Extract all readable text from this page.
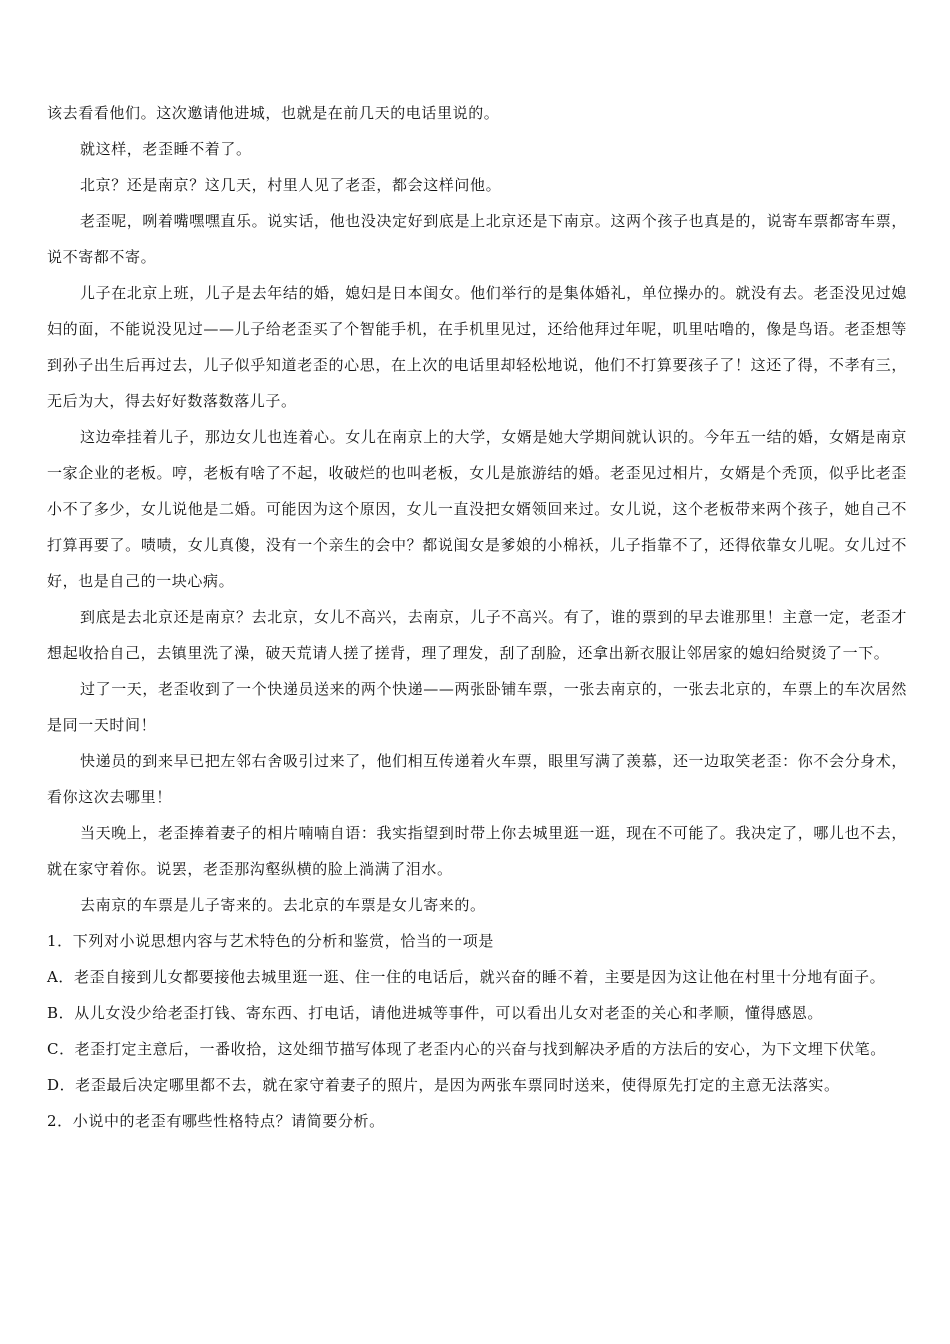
该去看看他们。这次邀请他进城，也就是在前几天的电话里说的。

就这样，老歪睡不着了。

北京？还是南京？这几天，村里人见了老歪，都会这样问他。

老歪呢，咧着嘴嘿嘿直乐。说实话，他也没决定好到底是上北京还是下南京。这两个孩子也真是的，说寄车票都寄车票，说不寄都不寄。

儿子在北京上班，儿子是去年结的婚，媳妇是日本闺女。他们举行的是集体婚礼，单位操办的。就没有去。老歪没见过媳妇的面，不能说没见过——儿子给老歪买了个智能手机，在手机里见过，还给他拜过年呢，叽里咕噜的，像是鸟语。老歪想等到孙子出生后再过去，儿子似乎知道老歪的心思，在上次的电话里却轻松地说，他们不打算要孩子了！这还了得，不孝有三，无后为大，得去好好数落数落儿子。

这边牵挂着儿子，那边女儿也连着心。女儿在南京上的大学，女婿是她大学期间就认识的。今年五一结的婚，女婿是南京一家企业的老板。哼，老板有啥了不起，收破烂的也叫老板，女儿是旅游结的婚。老歪见过相片，女婿是个秃顶，似乎比老歪小不了多少，女儿说他是二婚。可能因为这个原因，女儿一直没把女婿领回来过。女儿说，这个老板带来两个孩子，她自己不打算再要了。啧啧，女儿真傻，没有一个亲生的会中？都说闺女是爹娘的小棉袄，儿子指靠不了，还得依靠女儿呢。女儿过不好，也是自己的一块心病。

到底是去北京还是南京？去北京，女儿不高兴，去南京，儿子不高兴。有了，谁的票到的早去谁那里！主意一定，老歪才想起收拾自己，去镇里洗了澡，破天荒请人搓了搓背，理了理发，刮了刮脸，还拿出新衣服让邻居家的媳妇给熨烫了一下。

过了一天，老歪收到了一个快递员送来的两个快递——两张卧铺车票，一张去南京的，一张去北京的，车票上的车次居然是同一天时间！

快递员的到来早已把左邻右舍吸引过来了，他们相互传递着火车票，眼里写满了羡慕，还一边取笑老歪：你不会分身术，看你这次去哪里！

当天晚上，老歪捧着妻子的相片喃喃自语：我实指望到时带上你去城里逛一逛，现在不可能了。我决定了，哪儿也不去，就在家守着你。说罢，老歪那沟壑纵横的脸上淌满了泪水。

去南京的车票是儿子寄来的。去北京的车票是女儿寄来的。

1．下列对小说思想内容与艺术特色的分析和鉴赏，恰当的一项是

A．老歪自接到儿女都要接他去城里逛一逛、住一住的电话后，就兴奋的睡不着，主要是因为这让他在村里十分地有面子。

B．从儿女没少给老歪打钱、寄东西、打电话，请他进城等事件，可以看出儿女对老歪的关心和孝顺，懂得感恩。

C．老歪打定主意后，一番收拾，这处细节描写体现了老歪内心的兴奋与找到解决矛盾的方法后的安心，为下文埋下伏笔。

D．老歪最后决定哪里都不去，就在家守着妻子的照片，是因为两张车票同时送来，使得原先打定的主意无法落实。

2．小说中的老歪有哪些性格特点？请简要分析。
